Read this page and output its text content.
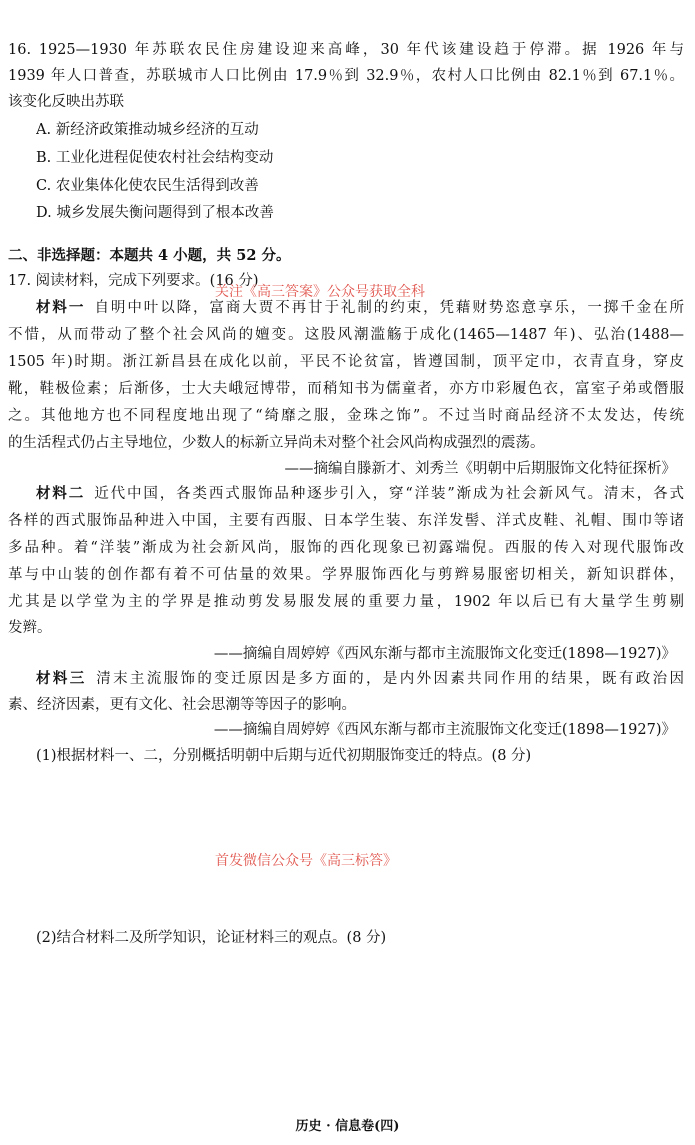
16. 1925—1930 年苏联农民住房建设迎来高峰，30 年代该建设趋于停滞。据 1926 年与
1939 年人口普查，苏联城市人口比例由 17.9％到 32.9％，农村人口比例由 82.1％到 67.1％。
该变化反映出苏联
A. 新经济政策推动城乡经济的互动
B. 工业化进程促使农村社会结构变动
C. 农业集体化使农民生活得到改善
D. 城乡发展失衡问题得到了根本改善
二、非选择题：本题共 4 小题，共 52 分。
17. 阅读材料，完成下列要求。(16 分)
关注《高三答案》公众号获取全科
材料一  自明中叶以降，富商大贾不再甘于礼制的约束，凭藉财势恣意享乐，一掷千金在所
不惜，从而带动了整个社会风尚的嬗变。这股风潮滥觞于成化(1465—1487 年)、弘治(1488—
1505 年)时期。浙江新昌县在成化以前，平民不论贫富，皆遵国制，顶平定巾，衣青直身，穿皮
靴，鞋极俭素；后渐侈，士大夫峨冠博带，而稍知书为儒童者，亦方巾彩履色衣，富室子弟或僭服
之。其他地方也不同程度地出现了“绮靡之服，金珠之饰”。不过当时商品经济不太发达，传统
的生活程式仍占主导地位，少数人的标新立异尚未对整个社会风尚构成强烈的震荡。
——摘编自滕新才、刘秀兰《明朝中后期服饰文化特征探析》
材料二  近代中国，各类西式服饰品种逐步引入，穿“洋装”渐成为社会新风气。清末，各式
各样的西式服饰品种进入中国，主要有西服、日本学生装、东洋发髻、洋式皮鞋、礼帽、围巾等诸
多品种。着“洋装”渐成为社会新风尚，服饰的西化现象已初露端倪。西服的传入对现代服饰改
革与中山装的创作都有着不可估量的效果。学界服饰西化与剪辫易服密切相关，新知识群体，
尤其是以学堂为主的学界是推动剪发易服发展的重要力量，1902 年以后已有大量学生剪剔
发辫。
——摘编自周婷婷《西风东渐与都市主流服饰文化变迁(1898—1927)》
材料三  清末主流服饰的变迁原因是多方面的，是内外因素共同作用的结果，既有政治因
素、经济因素，更有文化、社会思潮等等因子的影响。
——摘编自周婷婷《西风东渐与都市主流服饰文化变迁(1898—1927)》
(1)根据材料一、二，分别概括明朝中后期与近代初期服饰变迁的特点。(8 分)
首发微信公众号《高三标答》
(2)结合材料二及所学知识，论证材料三的观点。(8 分)
历史 · 信息卷(四)
